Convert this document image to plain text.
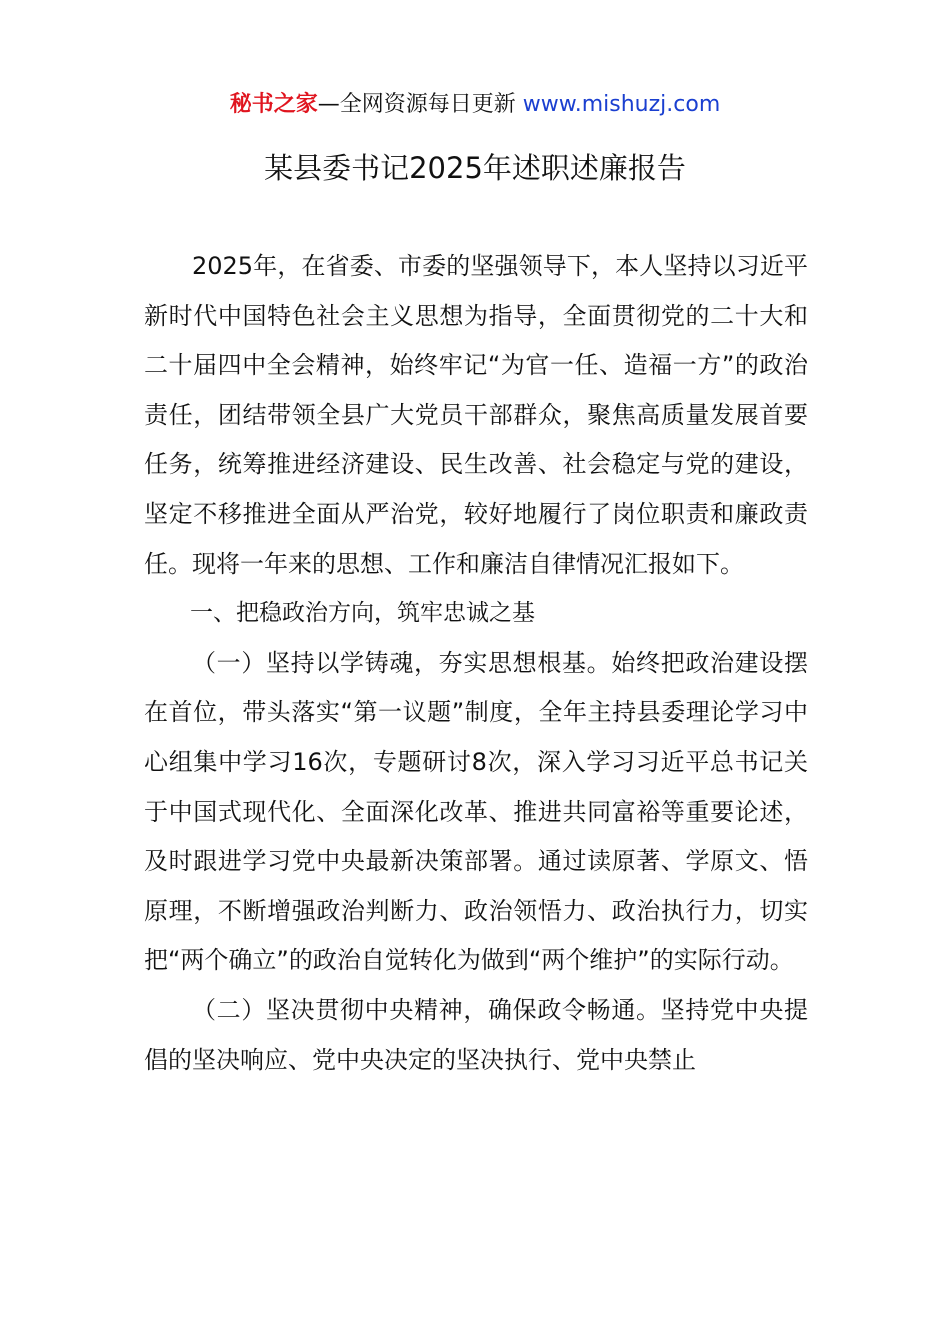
秘书之家—全网资源每日更新 www.mishuzj.com
某县委书记2025年述职述廉报告

2025年，在省委、市委的坚强领导下，本人坚持以习近平新时代中国特色社会主义思想为指导，全面贯彻党的二十大和二十届四中全会精神，始终牢记“为官一任、造福一方”的政治责任，团结带领全县广大党员干部群众，聚焦高质量发展首要任务，统筹推进经济建设、民生改善、社会稳定与党的建设，坚定不移推进全面从严治党，较好地履行了岗位职责和廉政责任。现将一年来的思想、工作和廉洁自律情况汇报如下。

一、把稳政治方向，筑牢忠诚之基

（一）坚持以学铸魂，夯实思想根基。始终把政治建设摆在首位，带头落实“第一议题”制度，全年主持县委理论学习中心组集中学习16次，专题研讨8次，深入学习习近平总书记关于中国式现代化、全面深化改革、推进共同富裕等重要论述，及时跟进学习党中央最新决策部署。通过读原著、学原文、悟原理，不断增强政治判断力、政治领悟力、政治执行力，切实把“两个确立”的政治自觉转化为做到“两个维护”的实际行动。

（二）坚决贯彻中央精神，确保政令畅通。坚持党中央提倡的坚决响应、党中央决定的坚决执行、党中央禁止
